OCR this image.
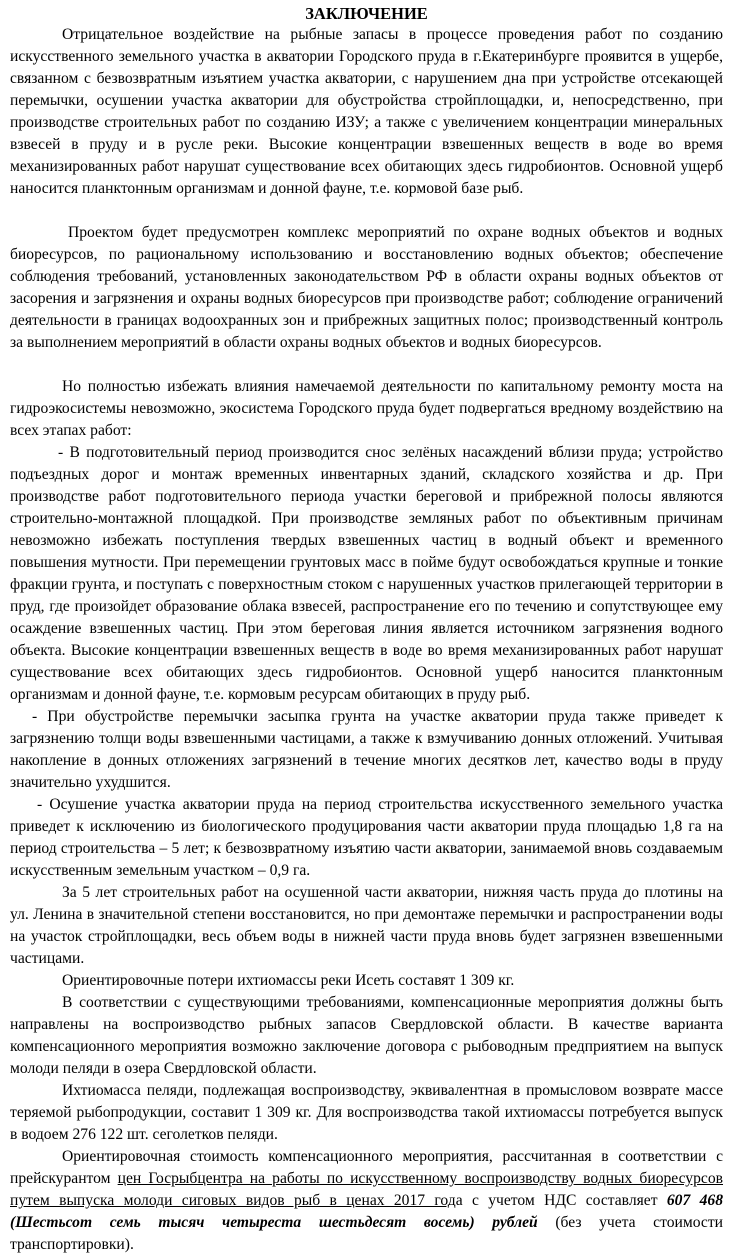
ЗАКЛЮЧЕНИЕ

Отрицательное воздействие на рыбные запасы в процессе проведения работ по созданию искусственного земельного участка в акватории Городского пруда в г.Екатеринбурге проявится в ущербе, связанном с безвозвратным изъятием участка акватории, с нарушением дна при устройстве отсекающей перемычки, осушении участка акватории для обустройства стройплощадки, и, непосредственно, при производстве строительных работ по созданию ИЗУ; а также с увеличением концентрации минеральных взвесей в пруду и в русле реки. Высокие концентрации взвешенных веществ в воде во время механизированных работ нарушат существование всех обитающих здесь гидробионтов. Основной ущерб наносится планктонным организмам и донной фауне, т.е. кормовой базе рыб.

Проектом будет предусмотрен комплекс мероприятий по охране водных объектов и водных биоресурсов, по рациональному использованию и восстановлению водных объектов; обеспечение соблюдения требований, установленных законодательством РФ в области охраны водных объектов от засорения и загрязнения и охраны водных биоресурсов при производстве работ; соблюдение ограничений деятельности в границах водоохранных зон и прибрежных защитных полос; производственный контроль за выполнением мероприятий в области охраны водных объектов и водных биоресурсов.

Но полностью избежать влияния намечаемой деятельности по капитальному ремонту моста на гидроэкосистемы невозможно, экосистема Городского пруда будет подвергаться вредному воздействию на всех этапах работ:

- В подготовительный период производится снос зелёных насаждений вблизи пруда; устройство подъездных дорог и монтаж временных инвентарных зданий, складского хозяйства и др. При производстве работ подготовительного периода участки береговой и прибрежной полосы являются строительно-монтажной площадкой. При производстве земляных работ по объективным причинам невозможно избежать поступления твердых взвешенных частиц в водный объект и временного повышения мутности. При перемещении грунтовых масс в пойме будут освобождаться крупные и тонкие фракции грунта, и поступать с поверхностным стоком с нарушенных участков прилегающей территории в пруд, где произойдет образование облака взвесей, распространение его по течению и сопутствующее ему осаждение взвешенных частиц. При этом береговая линия является источником загрязнения водного объекта. Высокие концентрации взвешенных веществ в воде во время механизированных работ нарушат существование всех обитающих здесь гидробионтов. Основной ущерб наносится планктонным организмам и донной фауне, т.е. кормовым ресурсам обитающих в пруду рыб.

- При обустройстве перемычки засыпка грунта на участке акватории пруда также приведет к загрязнению толщи воды взвешенными частицами, а также к взмучиванию донных отложений. Учитывая накопление в донных отложениях загрязнений в течение многих десятков лет, качество воды в пруду значительно ухудшится.

- Осушение участка акватории пруда на период строительства искусственного земельного участка приведет к исключению из биологического продуцирования части акватории пруда площадью 1,8 га на период строительства – 5 лет; к безвозвратному изъятию части акватории, занимаемой вновь создаваемым искусственным земельным участком – 0,9 га.

За 5 лет строительных работ на осушенной части акватории, нижняя часть пруда до плотины на ул. Ленина в значительной степени восстановится, но при демонтаже перемычки и распространении воды на участок стройплощадки, весь объем воды в нижней части пруда вновь будет загрязнен взвешенными частицами.

Ориентировочные потери ихтиомассы реки Исеть составят 1 309 кг.

В соответствии с существующими требованиями, компенсационные мероприятия должны быть направлены на воспроизводство рыбных запасов Свердловской области. В качестве варианта компенсационного мероприятия возможно заключение договора с рыбоводным предприятием на выпуск молоди пеляди в озера Свердловской области.

Ихтиомасса пеляди, подлежащая воспроизводству, эквивалентная в промысловом возврате массе теряемой рыбопродукции, составит 1 309 кг. Для воспроизводства такой ихтиомассы потребуется выпуск в водоем 276 122 шт. сеголетков пеляди.

Ориентировочная стоимость компенсационного мероприятия, рассчитанная в соответствии с прейскурантом цен Госрыбцентра на работы по искусственному воспроизводству водных биоресурсов путем выпуска молоди сиговых видов рыб в ценах 2017 года с учетом НДС составляет 607 468 (Шестьсот семь тысяч четыреста шестьдесят восемь) рублей (без учета стоимости транспортировки).
